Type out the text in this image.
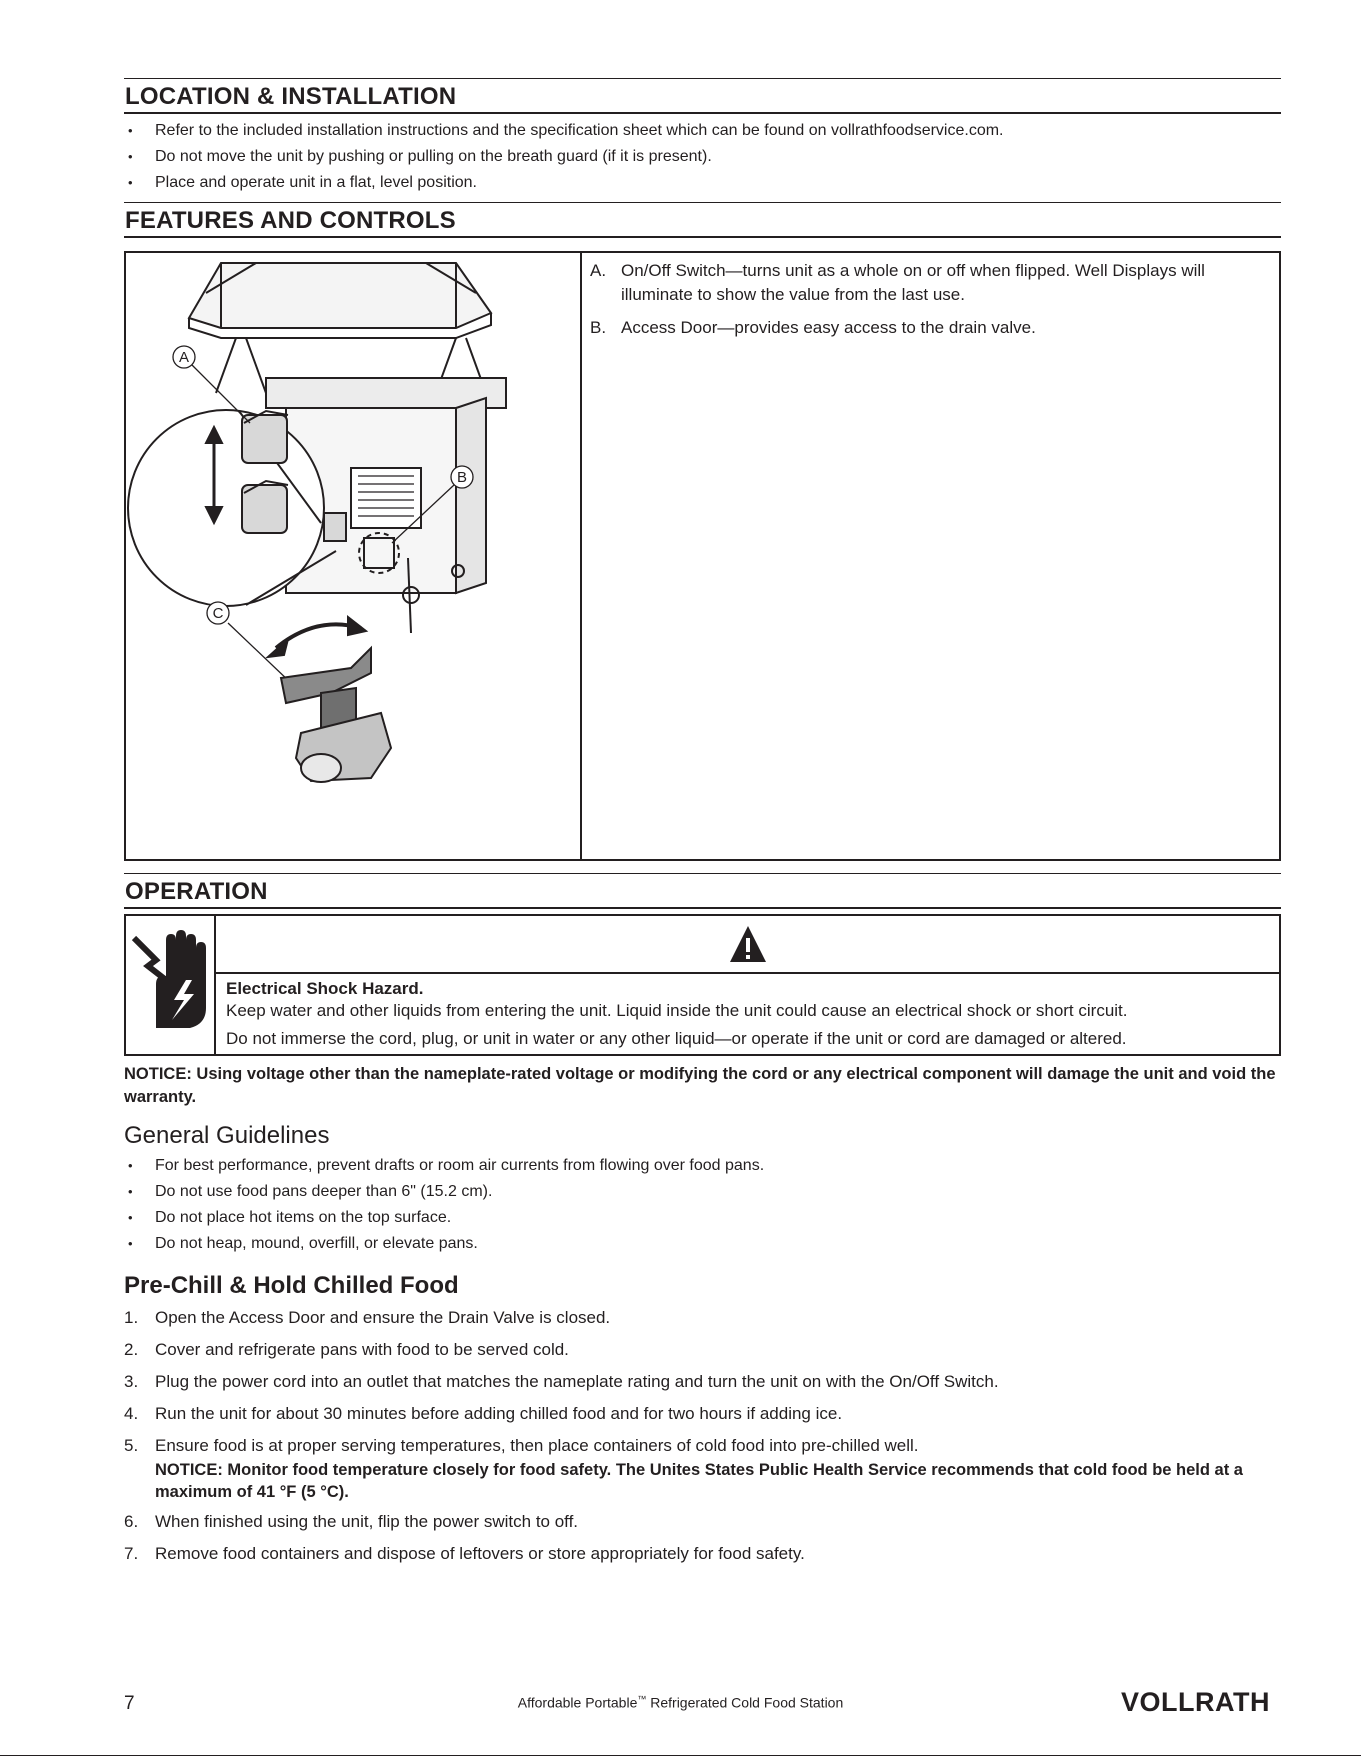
LOCATION & INSTALLATION
• Refer to the included installation instructions and the specification sheet which can be found on vollrathfoodservice.com.
• Do not move the unit by pushing or pulling on the breath guard (if it is present).
• Place and operate unit in a flat, level position.
FEATURES AND CONTROLS
A
B
C
A. On/Off Switch—turns unit as a whole on or off when flipped. Well Displays will illuminate to show the value from the last use.
B. Access Door—provides easy access to the drain valve.
OPERATION
Electrical Shock Hazard.
Keep water and other liquids from entering the unit. Liquid inside the unit could cause an electrical shock or short circuit.
Do not immerse the cord, plug, or unit in water or any other liquid—or operate if the unit or cord are damaged or altered.
NOTICE: Using voltage other than the nameplate-rated voltage or modifying the cord or any electrical component will damage the unit and void the warranty.
General Guidelines
• For best performance, prevent drafts or room air currents from flowing over food pans.
• Do not use food pans deeper than 6" (15.2 cm).
• Do not place hot items on the top surface.
• Do not heap, mound, overfill, or elevate pans.
Pre-Chill & Hold Chilled Food
1. Open the Access Door and ensure the Drain Valve is closed.
2. Cover and refrigerate pans with food to be served cold.
3. Plug the power cord into an outlet that matches the nameplate rating and turn the unit on with the On/Off Switch.
4. Run the unit for about 30 minutes before adding chilled food and for two hours if adding ice.
5. Ensure food is at proper serving temperatures, then place containers of cold food into pre-chilled well.
NOTICE: Monitor food temperature closely for food safety. The Unites States Public Health Service recommends that cold food be held at a maximum of 41 °F (5 °C).
6. When finished using the unit, flip the power switch to off.
7. Remove food containers and dispose of leftovers or store appropriately for food safety.
7	Affordable Portable™ Refrigerated Cold Food Station	VOLLRATH
